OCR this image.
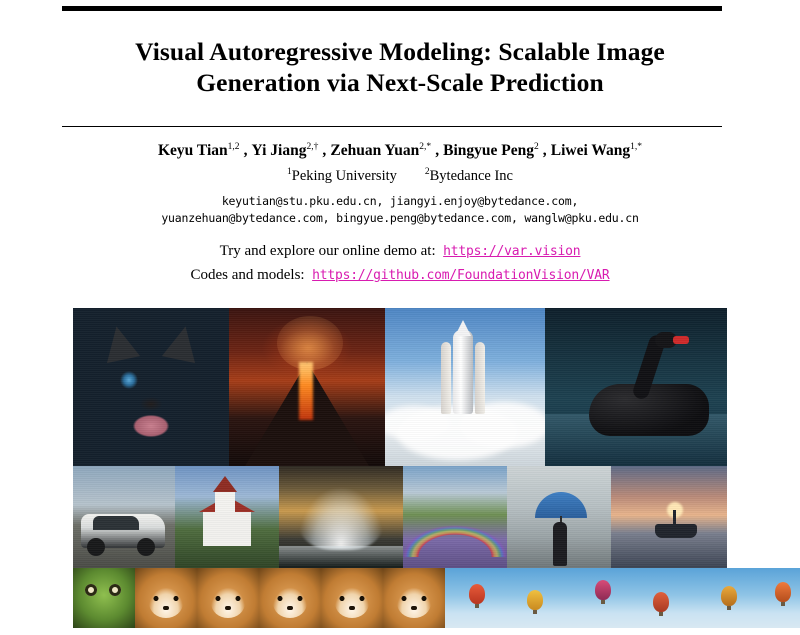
Visual Autoregressive Modeling: Scalable Image
Generation via Next-Scale Prediction
Keyu Tian$^{1,2}$ , Yi Jiang$^{2,\dagger}$ , Zehuan Yuan$^{2,*}$ , Bingyue Peng$^2$ , Liwei Wang$^{1,*}$
$^1$Peking University	$^2$Bytedance Inc
keyutian@stu.pku.edu.cn, jiangyi.enjoy@bytedance.com,
yuanzehuan@bytedance.com, bingyue.peng@bytedance.com, wanglw@pku.edu.cn
Try and explore our online demo at: https://var.vision
Codes and models: https://github.com/FoundationVision/VAR
